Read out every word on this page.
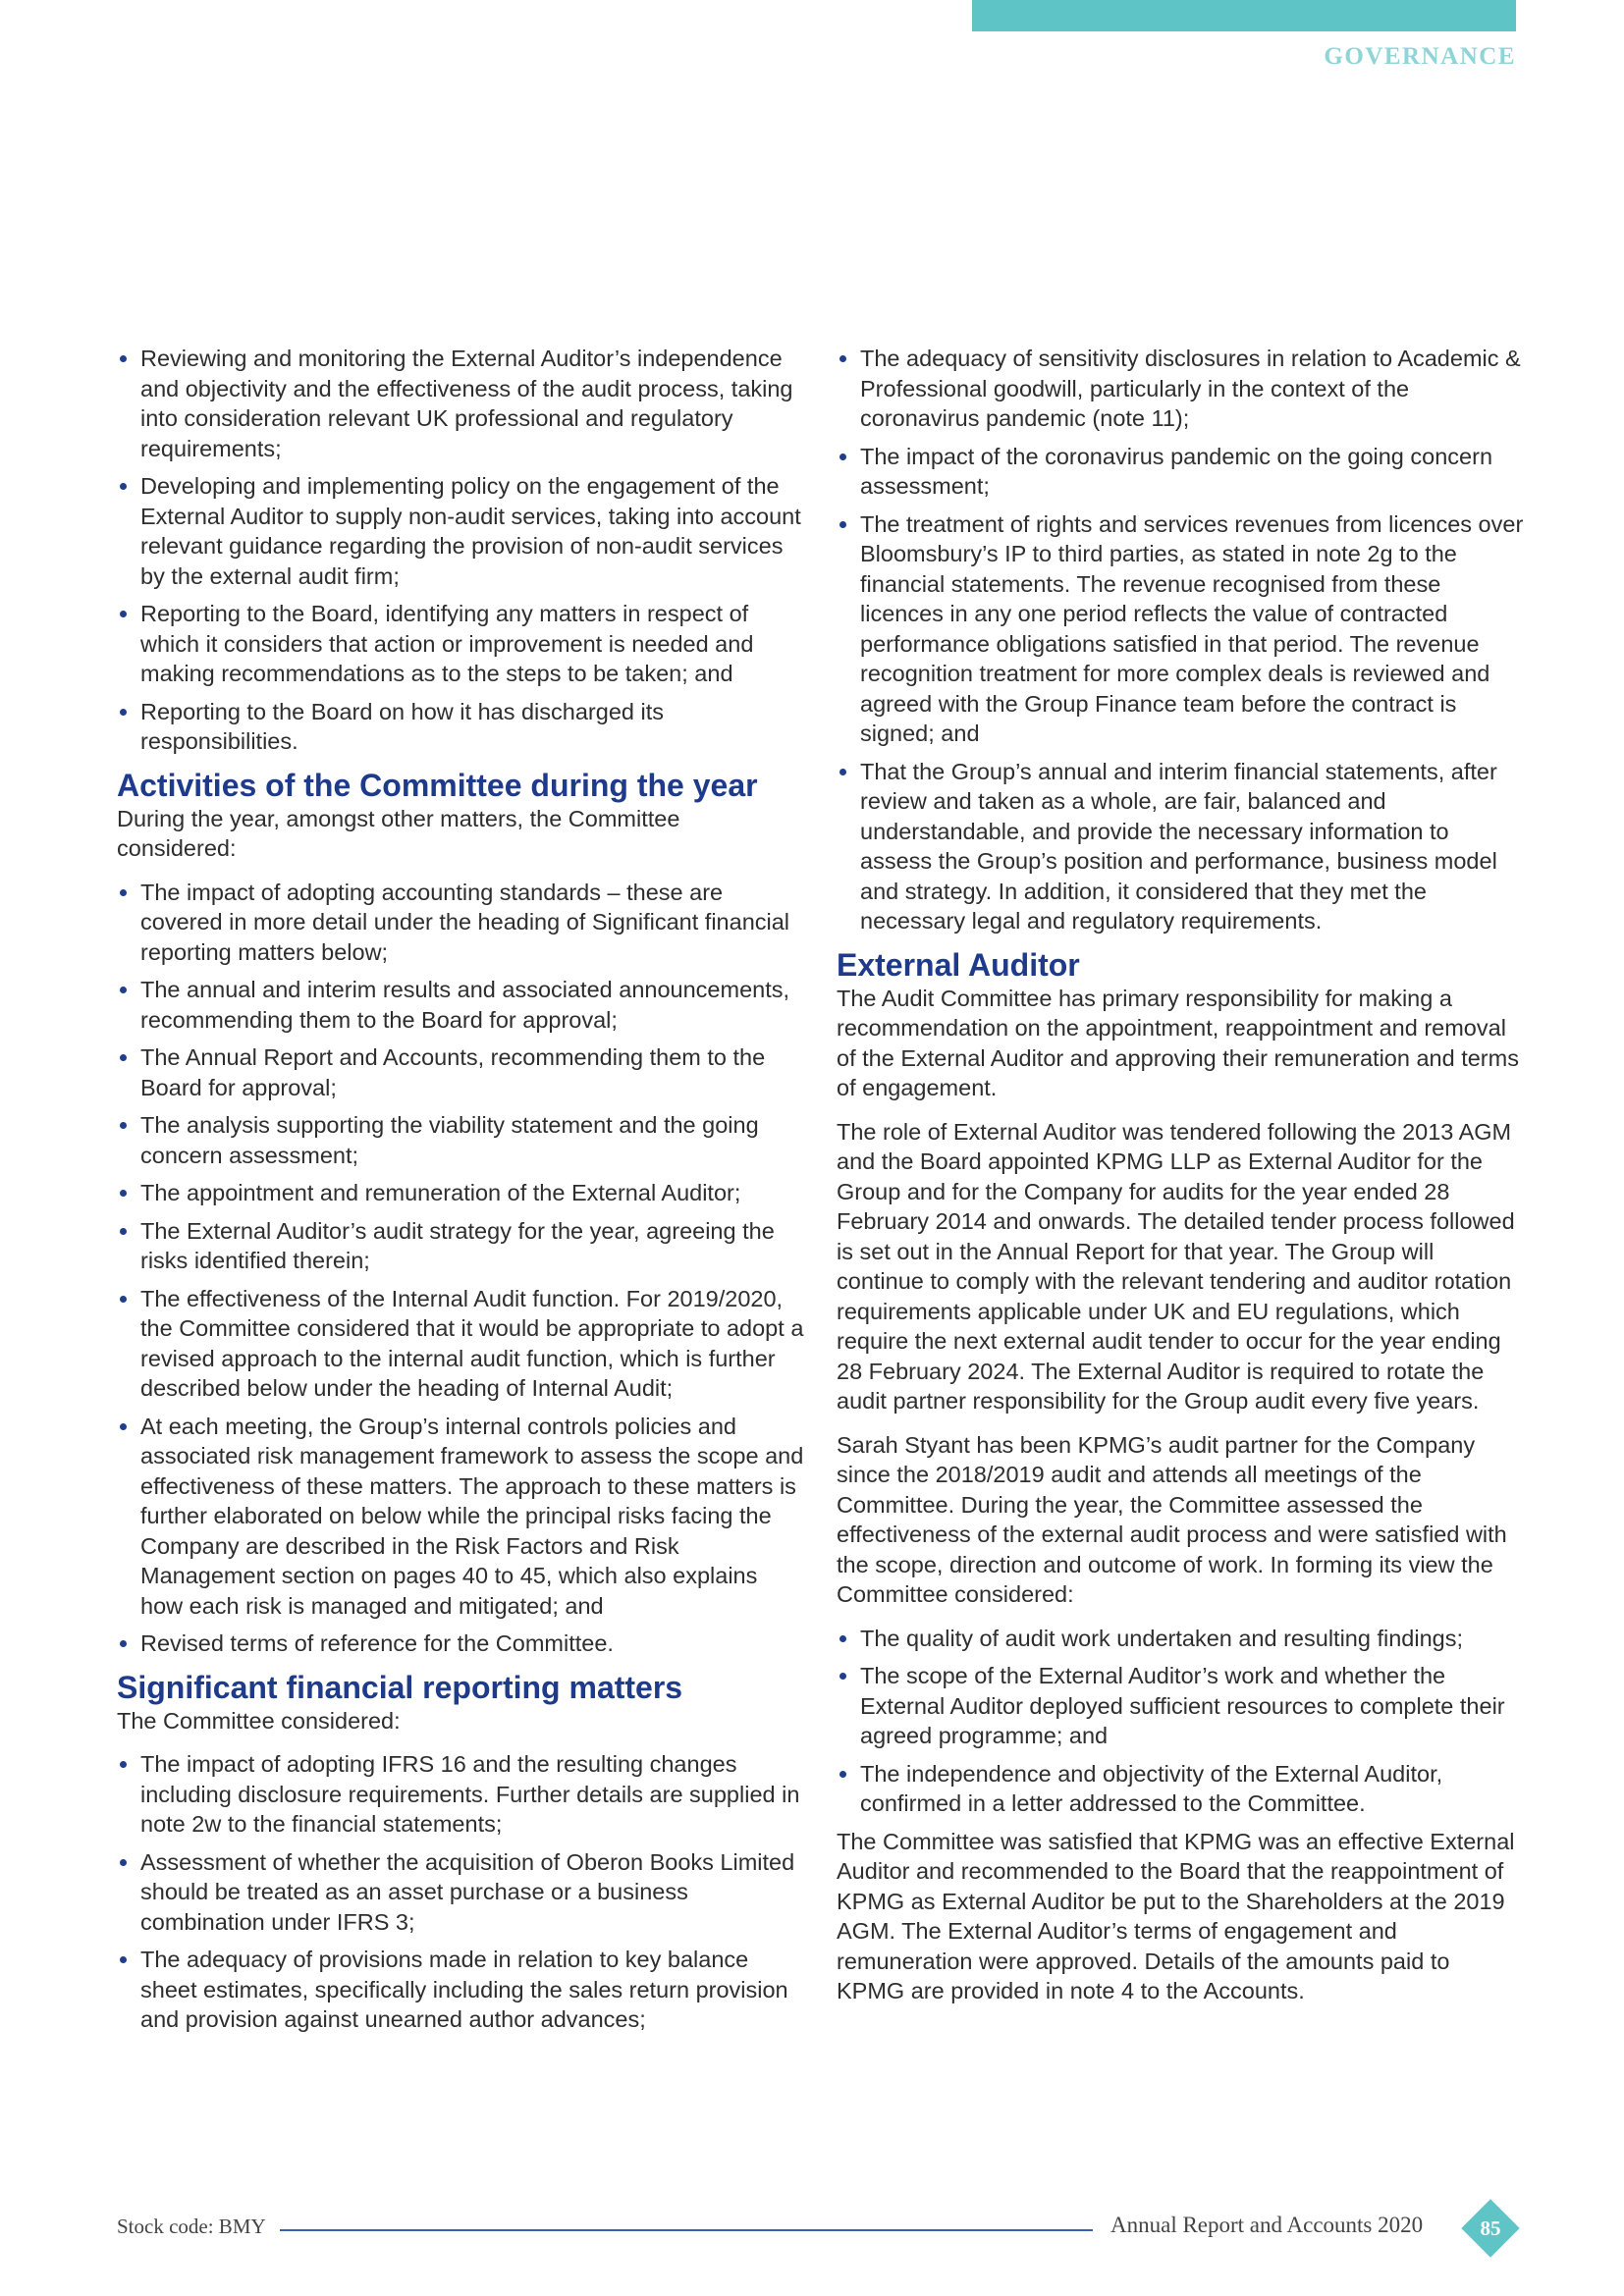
GOVERNANCE
Reviewing and monitoring the External Auditor’s independence and objectivity and the effectiveness of the audit process, taking into consideration relevant UK professional and regulatory requirements;
Developing and implementing policy on the engagement of the External Auditor to supply non-audit services, taking into account relevant guidance regarding the provision of non-audit services by the external audit firm;
Reporting to the Board, identifying any matters in respect of which it considers that action or improvement is needed and making recommendations as to the steps to be taken; and
Reporting to the Board on how it has discharged its responsibilities.
Activities of the Committee during the year

During the year, amongst other matters, the Committee considered:

The impact of adopting accounting standards – these are covered in more detail under the heading of Significant financial reporting matters below;
The annual and interim results and associated announcements, recommending them to the Board for approval;
The Annual Report and Accounts, recommending them to the Board for approval;
The analysis supporting the viability statement and the going concern assessment;
The appointment and remuneration of the External Auditor;
The External Auditor’s audit strategy for the year, agreeing the risks identified therein;
The effectiveness of the Internal Audit function. For 2019/2020, the Committee considered that it would be appropriate to adopt a revised approach to the internal audit function, which is further described below under the heading of Internal Audit;
At each meeting, the Group’s internal controls policies and associated risk management framework to assess the scope and effectiveness of these matters. The approach to these matters is further elaborated on below while the principal risks facing the Company are described in the Risk Factors and Risk Management section on pages 40 to 45, which also explains how each risk is managed and mitigated; and
Revised terms of reference for the Committee.
Significant financial reporting matters

The Committee considered:

The impact of adopting IFRS 16 and the resulting changes including disclosure requirements. Further details are supplied in note 2w to the financial statements;
Assessment of whether the acquisition of Oberon Books Limited should be treated as an asset purchase or a business combination under IFRS 3;
The adequacy of provisions made in relation to key balance sheet estimates, specifically including the sales return provision and provision against unearned author advances;
The adequacy of sensitivity disclosures in relation to Academic & Professional goodwill, particularly in the context of the coronavirus pandemic (note 11);
The impact of the coronavirus pandemic on the going concern assessment;
The treatment of rights and services revenues from licences over Bloomsbury’s IP to third parties, as stated in note 2g to the financial statements. The revenue recognised from these licences in any one period reflects the value of contracted performance obligations satisfied in that period. The revenue recognition treatment for more complex deals is reviewed and agreed with the Group Finance team before the contract is signed; and
That the Group’s annual and interim financial statements, after review and taken as a whole, are fair, balanced and understandable, and provide the necessary information to assess the Group’s position and performance, business model and strategy. In addition, it considered that they met the necessary legal and regulatory requirements.
External Auditor

The Audit Committee has primary responsibility for making a recommendation on the appointment, reappointment and removal of the External Auditor and approving their remuneration and terms of engagement.

The role of External Auditor was tendered following the 2013 AGM and the Board appointed KPMG LLP as External Auditor for the Group and for the Company for audits for the year ended 28 February 2014 and onwards. The detailed tender process followed is set out in the Annual Report for that year. The Group will continue to comply with the relevant tendering and auditor rotation requirements applicable under UK and EU regulations, which require the next external audit tender to occur for the year ending 28 February 2024. The External Auditor is required to rotate the audit partner responsibility for the Group audit every five years.

Sarah Styant has been KPMG’s audit partner for the Company since the 2018/2019 audit and attends all meetings of the Committee. During the year, the Committee assessed the effectiveness of the external audit process and were satisfied with the scope, direction and outcome of work. In forming its view the Committee considered:

The quality of audit work undertaken and resulting findings;
The scope of the External Auditor’s work and whether the External Auditor deployed sufficient resources to complete their agreed programme; and
The independence and objectivity of the External Auditor, confirmed in a letter addressed to the Committee.

The Committee was satisfied that KPMG was an effective External Auditor and recommended to the Board that the reappointment of KPMG as External Auditor be put to the Shareholders at the 2019 AGM. The External Auditor’s terms of engagement and remuneration were approved. Details of the amounts paid to KPMG are provided in note 4 to the Accounts.

Stock code: BMY	Annual Report and Accounts 2020	85
